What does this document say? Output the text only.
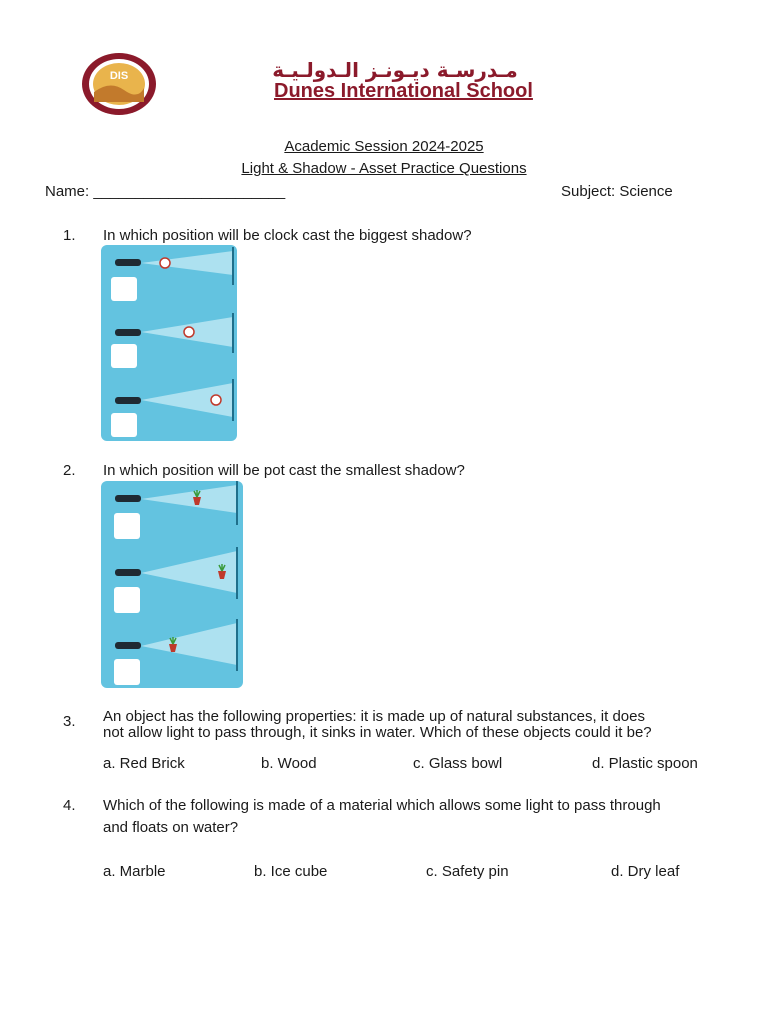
DIS	مـدرسـة ديـونـز الـدولـيـة
Dunes International School
Academic Session 2024-2025
Light & Shadow - Asset Practice Questions
Name: _______________________	Subject: Science
1. In which position will be clock cast the biggest shadow?
2. In which position will be pot cast the smallest shadow?
3. An object has the following properties: it is made up of natural substances, it does
not allow light to pass through, it sinks in water. Which of these objects could it be?
a. Red Brick	b. Wood	c. Glass bowl	d. Plastic spoon
4. Which of the following is made of a material which allows some light to pass through
and floats on water?
a. Marble	b. Ice cube	c. Safety pin	d. Dry leaf
